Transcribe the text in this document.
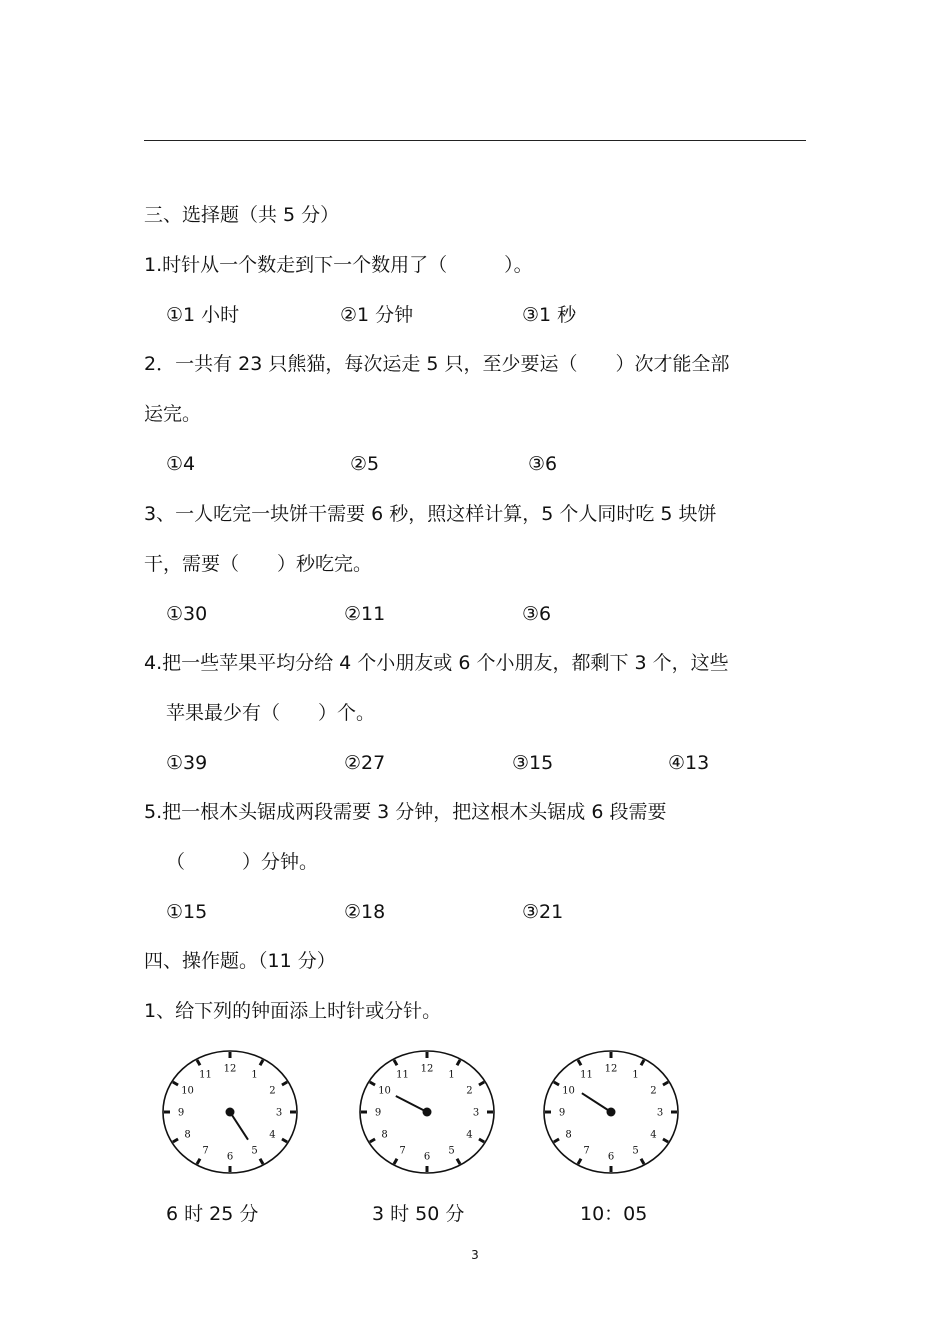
三、选择题（共 5 分）
1.时针从一个数走到下一个数用了（　　　）。
①1 小时	②1 分钟	③1 秒
2．一共有 23 只熊猫，每次运走 5 只，至少要运（　　）次才能全部
运完。
①4	②5	③6
3、一人吃完一块饼干需要 6 秒，照这样计算，5 个人同时吃 5 块饼
干，需要（　　）秒吃完。
①30	②11	③6
4.把一些苹果平均分给 4 个小朋友或 6 个小朋友，都剩下 3 个，这些
苹果最少有（　　）个。
①39	②27	③15	④13
5.把一根木头锯成两段需要 3 分钟，把这根木头锯成 6 段需要
（　　　）分钟。
①15	②18	③21
四、操作题。（11 分）
1、给下列的钟面添上时针或分针。
1
2
3
4
5
6
7
8
9
10
11
12
1
2
3
4
5
6
7
8
9
10
11
12
1
2
3
4
5
6
7
8
9
10
11
12
6 时 25 分	3 时 50 分	10：05
3
